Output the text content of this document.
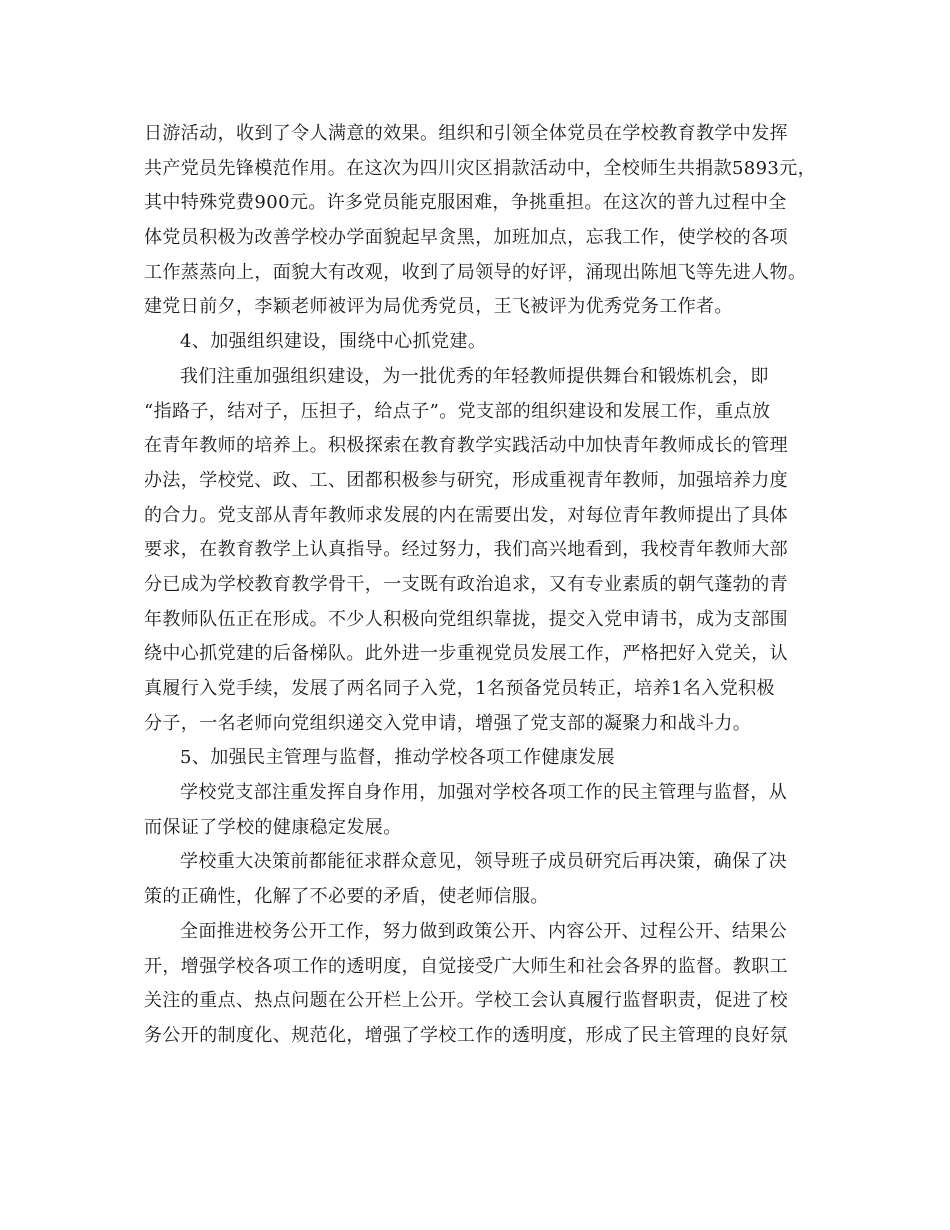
日游活动，收到了令人满意的效果。组织和引领全体党员在学校教育教学中发挥
共产党员先锋模范作用。在这次为四川灾区捐款活动中，全校师生共捐款5893元，
其中特殊党费900元。许多党员能克服困难，争挑重担。在这次的普九过程中全
体党员积极为改善学校办学面貌起早贪黑，加班加点，忘我工作，使学校的各项
工作蒸蒸向上，面貌大有改观，收到了局领导的好评，涌现出陈旭飞等先进人物。
建党日前夕，李颖老师被评为局优秀党员，王飞被评为优秀党务工作者。
4、加强组织建设，围绕中心抓党建。
我们注重加强组织建设，为一批优秀的年轻教师提供舞台和锻炼机会，即
“指路子，结对子，压担子，给点子”。党支部的组织建设和发展工作，重点放
在青年教师的培养上。积极探索在教育教学实践活动中加快青年教师成长的管理
办法，学校党、政、工、团都积极参与研究，形成重视青年教师，加强培养力度
的合力。党支部从青年教师求发展的内在需要出发，对每位青年教师提出了具体
要求，在教育教学上认真指导。经过努力，我们高兴地看到，我校青年教师大部
分已成为学校教育教学骨干，一支既有政治追求，又有专业素质的朝气蓬勃的青
年教师队伍正在形成。不少人积极向党组织靠拢，提交入党申请书，成为支部围
绕中心抓党建的后备梯队。此外进一步重视党员发展工作，严格把好入党关，认
真履行入党手续，发展了两名同子入党，1名预备党员转正，培养1名入党积极
分子，一名老师向党组织递交入党申请，增强了党支部的凝聚力和战斗力。
5、加强民主管理与监督，推动学校各项工作健康发展
学校党支部注重发挥自身作用，加强对学校各项工作的民主管理与监督，从
而保证了学校的健康稳定发展。
学校重大决策前都能征求群众意见，领导班子成员研究后再决策，确保了决
策的正确性，化解了不必要的矛盾，使老师信服。
全面推进校务公开工作，努力做到政策公开、内容公开、过程公开、结果公
开，增强学校各项工作的透明度，自觉接受广大师生和社会各界的监督。教职工
关注的重点、热点问题在公开栏上公开。学校工会认真履行监督职责，促进了校
务公开的制度化、规范化，增强了学校工作的透明度，形成了民主管理的良好氛
